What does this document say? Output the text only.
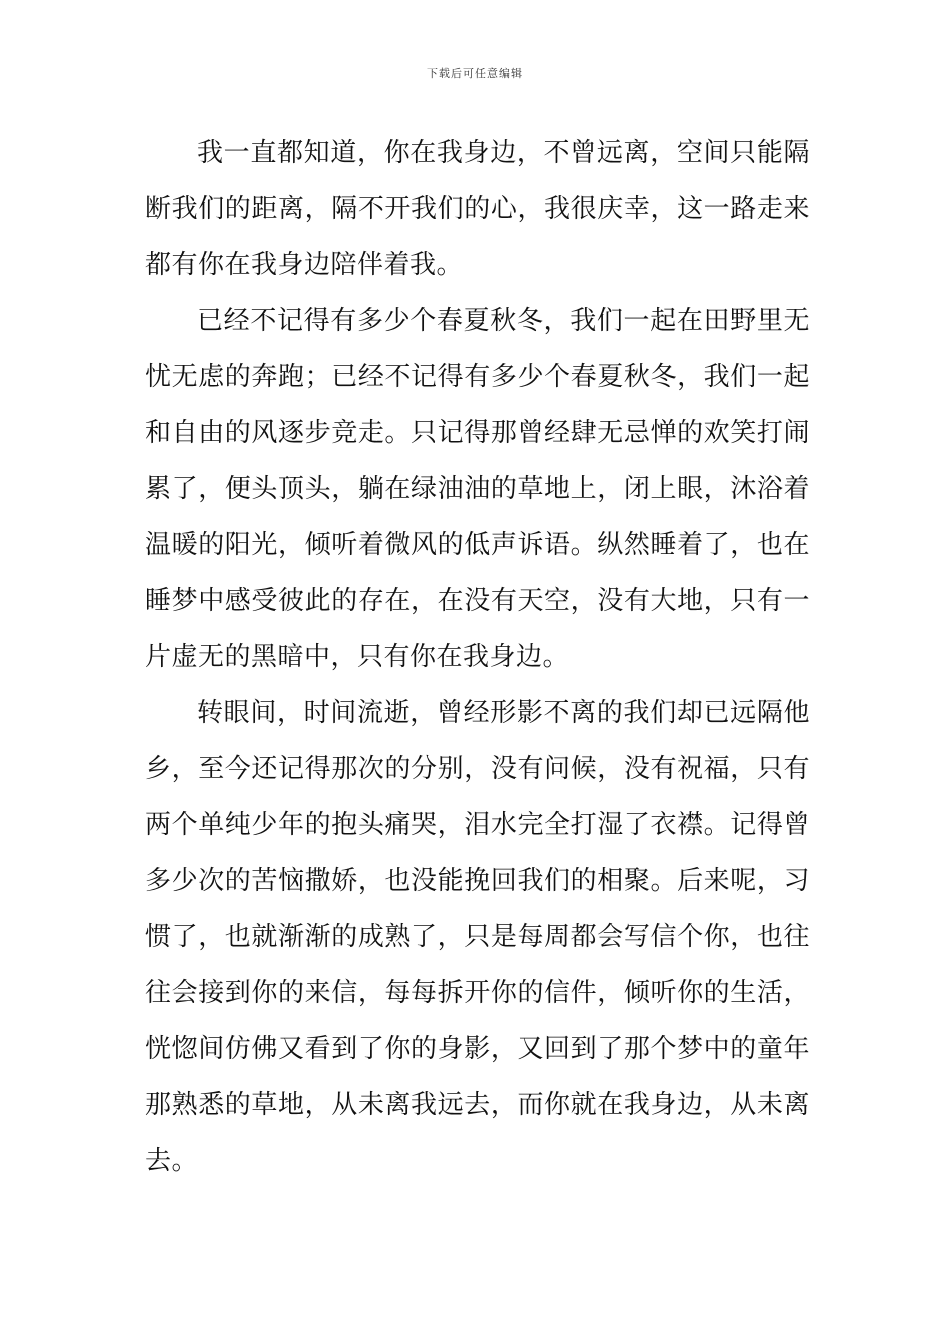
下载后可任意编辑

我一直都知道，你在我身边，不曾远离，空间只能隔断我们的距离，隔不开我们的心，我很庆幸，这一路走来都有你在我身边陪伴着我。

已经不记得有多少个春夏秋冬，我们一起在田野里无忧无虑的奔跑；已经不记得有多少个春夏秋冬，我们一起和自由的风逐步竞走。只记得那曾经肆无忌惮的欢笑打闹累了，便头顶头，躺在绿油油的草地上，闭上眼，沐浴着温暖的阳光，倾听着微风的低声诉语。纵然睡着了，也在睡梦中感受彼此的存在，在没有天空，没有大地，只有一片虚无的黑暗中，只有你在我身边。

转眼间，时间流逝，曾经形影不离的我们却已远隔他乡，至今还记得那次的分别，没有问候，没有祝福，只有两个单纯少年的抱头痛哭，泪水完全打湿了衣襟。记得曾多少次的苦恼撒娇，也没能挽回我们的相聚。后来呢，习惯了，也就渐渐的成熟了，只是每周都会写信个你，也往往会接到你的来信，每每拆开你的信件，倾听你的生活，恍惚间仿佛又看到了你的身影，又回到了那个梦中的童年那熟悉的草地，从未离我远去，而你就在我身边，从未离去。
